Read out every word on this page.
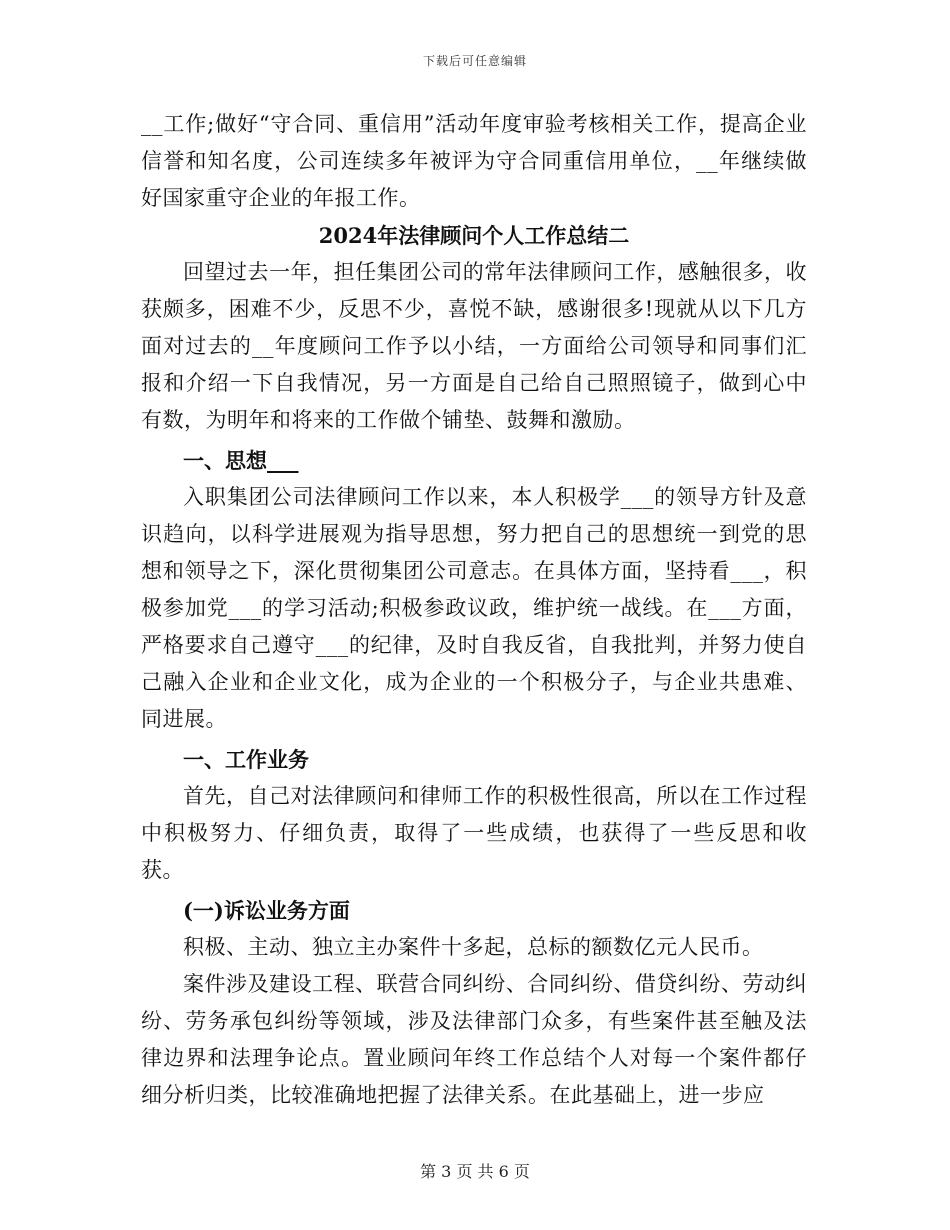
下载后可任意编辑

__工作;做好“守合同、重信用”活动年度审验考核相关工作，提高企业信誉和知名度，公司连续多年被评为守合同重信用单位，__年继续做好国家重守企业的年报工作。

2024年法律顾问个人工作总结二

回望过去一年，担任集团公司的常年法律顾问工作，感触很多，收获颇多，困难不少，反思不少，喜悦不缺，感谢很多!现就从以下几方面对过去的__年度顾问工作予以小结，一方面给公司领导和同事们汇报和介绍一下自我情况，另一方面是自己给自己照照镜子，做到心中有数，为明年和将来的工作做个铺垫、鼓舞和激励。

一、思想___

入职集团公司法律顾问工作以来，本人积极学___的领导方针及意识趋向，以科学进展观为指导思想，努力把自己的思想统一到党的思想和领导之下，深化贯彻集团公司意志。在具体方面，坚持看___，积极参加党___的学习活动;积极参政议政，维护统一战线。在___方面，严格要求自己遵守___的纪律，及时自我反省，自我批判，并努力使自己融入企业和企业文化，成为企业的一个积极分子，与企业共患难、同进展。

一、工作业务

首先，自己对法律顾问和律师工作的积极性很高，所以在工作过程中积极努力、仔细负责，取得了一些成绩，也获得了一些反思和收获。

(一)诉讼业务方面

积极、主动、独立主办案件十多起，总标的额数亿元人民币。

案件涉及建设工程、联营合同纠纷、合同纠纷、借贷纠纷、劳动纠纷、劳务承包纠纷等领域，涉及法律部门众多，有些案件甚至触及法律边界和法理争论点。置业顾问年终工作总结个人对每一个案件都仔细分析归类，比较准确地把握了法律关系。在此基础上，进一步应

第 3 页 共 6 页
